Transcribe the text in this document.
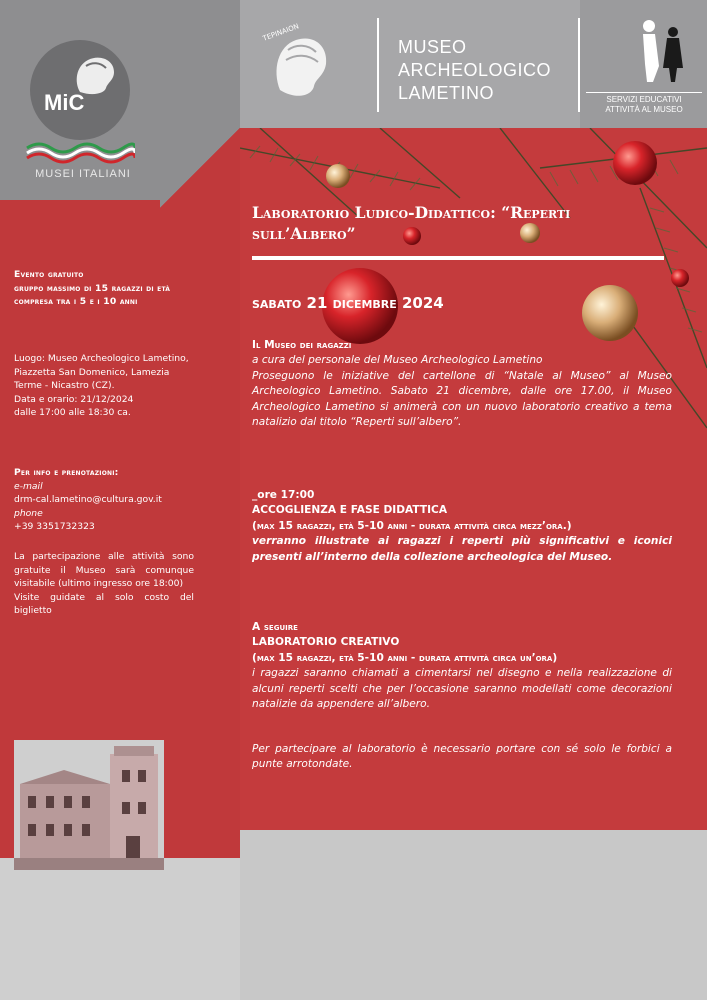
MiC
MUSEI ITALIANI
TEPINAION
MUSEO
ARCHEOLOGICO
LAMETINO	SERVIZI EDUCATIVI
ATTIVITÀ AL MUSEO

Evento gratuito

gruppo massimo di 15 ragazzi di età compresa tra i 5 e i 10 anni

Luogo: Museo Archeologico Lametino, Piazzetta San Domenico, Lamezia Terme - Nicastro (CZ).

Data e orario: 21/12/2024

dalle 17:00 alle 18:30 ca.

Per info e prenotazioni:

e-mail

drm-cal.lametino@cultura.gov.it

phone

+39 3351732323

La partecipazione alle attività sono gratuite il Museo sarà comunque visitabile (ultimo ingresso ore 18:00)

Visite guidate al solo costo del biglietto

Laboratorio Ludico-Didattico: “Reperti sull’Albero”
sabato 21 dicembre 2024

Il Museo dei ragazzi

a cura del personale del Museo Archeologico Lametino

Proseguono le iniziative del cartellone di “Natale al Museo” al Museo Archeologico Lametino. Sabato 21 dicembre, dalle ore 17.00, il Museo Archeologico Lametino si animerà con un nuovo laboratorio creativo a tema natalizio dal titolo “Reperti sull’albero”.

_ore 17:00

ACCOGLIENZA E FASE DIDATTICA

(max 15 ragazzi, età 5-10 anni - durata attività circa mezz’ora.)

verranno illustrate ai ragazzi i reperti più significativi e iconici presenti all’interno della collezione archeologica del Museo.

A seguire

LABORATORIO CREATIVO

(max 15 ragazzi, età 5-10 anni - durata attività circa un’ora)

i ragazzi saranno chiamati a cimentarsi nel disegno e nella realizzazione di alcuni reperti scelti che per l’occasione saranno modellati come decorazioni natalizie da appendere all’albero.

Per partecipare al laboratorio è necessario portare con sé solo le forbici a punte arrotondate.
